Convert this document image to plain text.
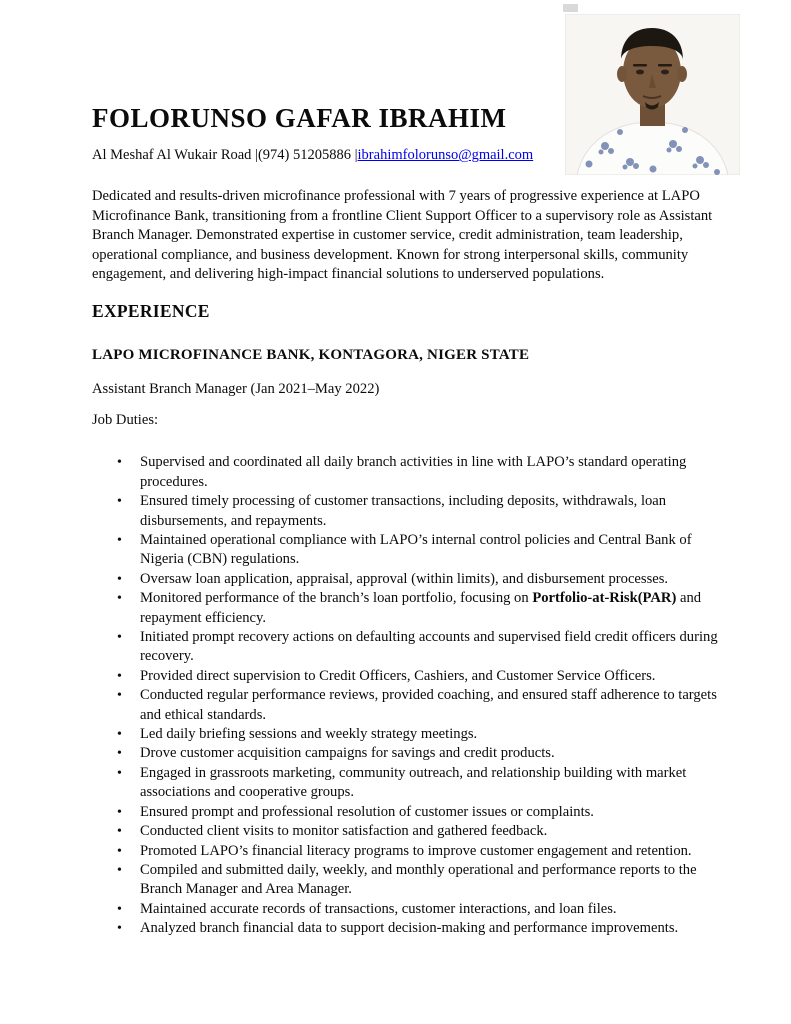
FOLORUNSO GAFAR IBRAHIM

Al Meshaf Al Wukair Road |(974) 51205886 |ibrahimfolorunso@gmail.com

Dedicated and results-driven microfinance professional with 7 years of progressive experience at LAPO Microfinance Bank, transitioning from a frontline Client Support Officer to a supervisory role as Assistant Branch Manager. Demonstrated expertise in customer service, credit administration, team leadership, operational compliance, and business development. Known for strong interpersonal skills, community engagement, and delivering high-impact financial solutions to underserved populations.

EXPERIENCE
LAPO MICROFINANCE BANK, KONTAGORA, NIGER STATE

Assistant Branch Manager (Jan 2021–May 2022)

Job Duties:

• Supervised and coordinated all daily branch activities in line with LAPO’s standard operating procedures.
• Ensured timely processing of customer transactions, including deposits, withdrawals, loan disbursements, and repayments.
• Maintained operational compliance with LAPO’s internal control policies and Central Bank of Nigeria (CBN) regulations.
• Oversaw loan application, appraisal, approval (within limits), and disbursement processes.
• Monitored performance of the branch’s loan portfolio, focusing on Portfolio-at-Risk(PAR) and repayment efficiency.
• Initiated prompt recovery actions on defaulting accounts and supervised field credit officers during recovery.
• Provided direct supervision to Credit Officers, Cashiers, and Customer Service Officers.
• Conducted regular performance reviews, provided coaching, and ensured staff adherence to targets and ethical standards.
• Led daily briefing sessions and weekly strategy meetings.
• Drove customer acquisition campaigns for savings and credit products.
• Engaged in grassroots marketing, community outreach, and relationship building with market associations and cooperative groups.
• Ensured prompt and professional resolution of customer issues or complaints.
• Conducted client visits to monitor satisfaction and gathered feedback.
• Promoted LAPO’s financial literacy programs to improve customer engagement and retention.
• Compiled and submitted daily, weekly, and monthly operational and performance reports to the Branch Manager and Area Manager.
• Maintained accurate records of transactions, customer interactions, and loan files.
• Analyzed branch financial data to support decision-making and performance improvements.
